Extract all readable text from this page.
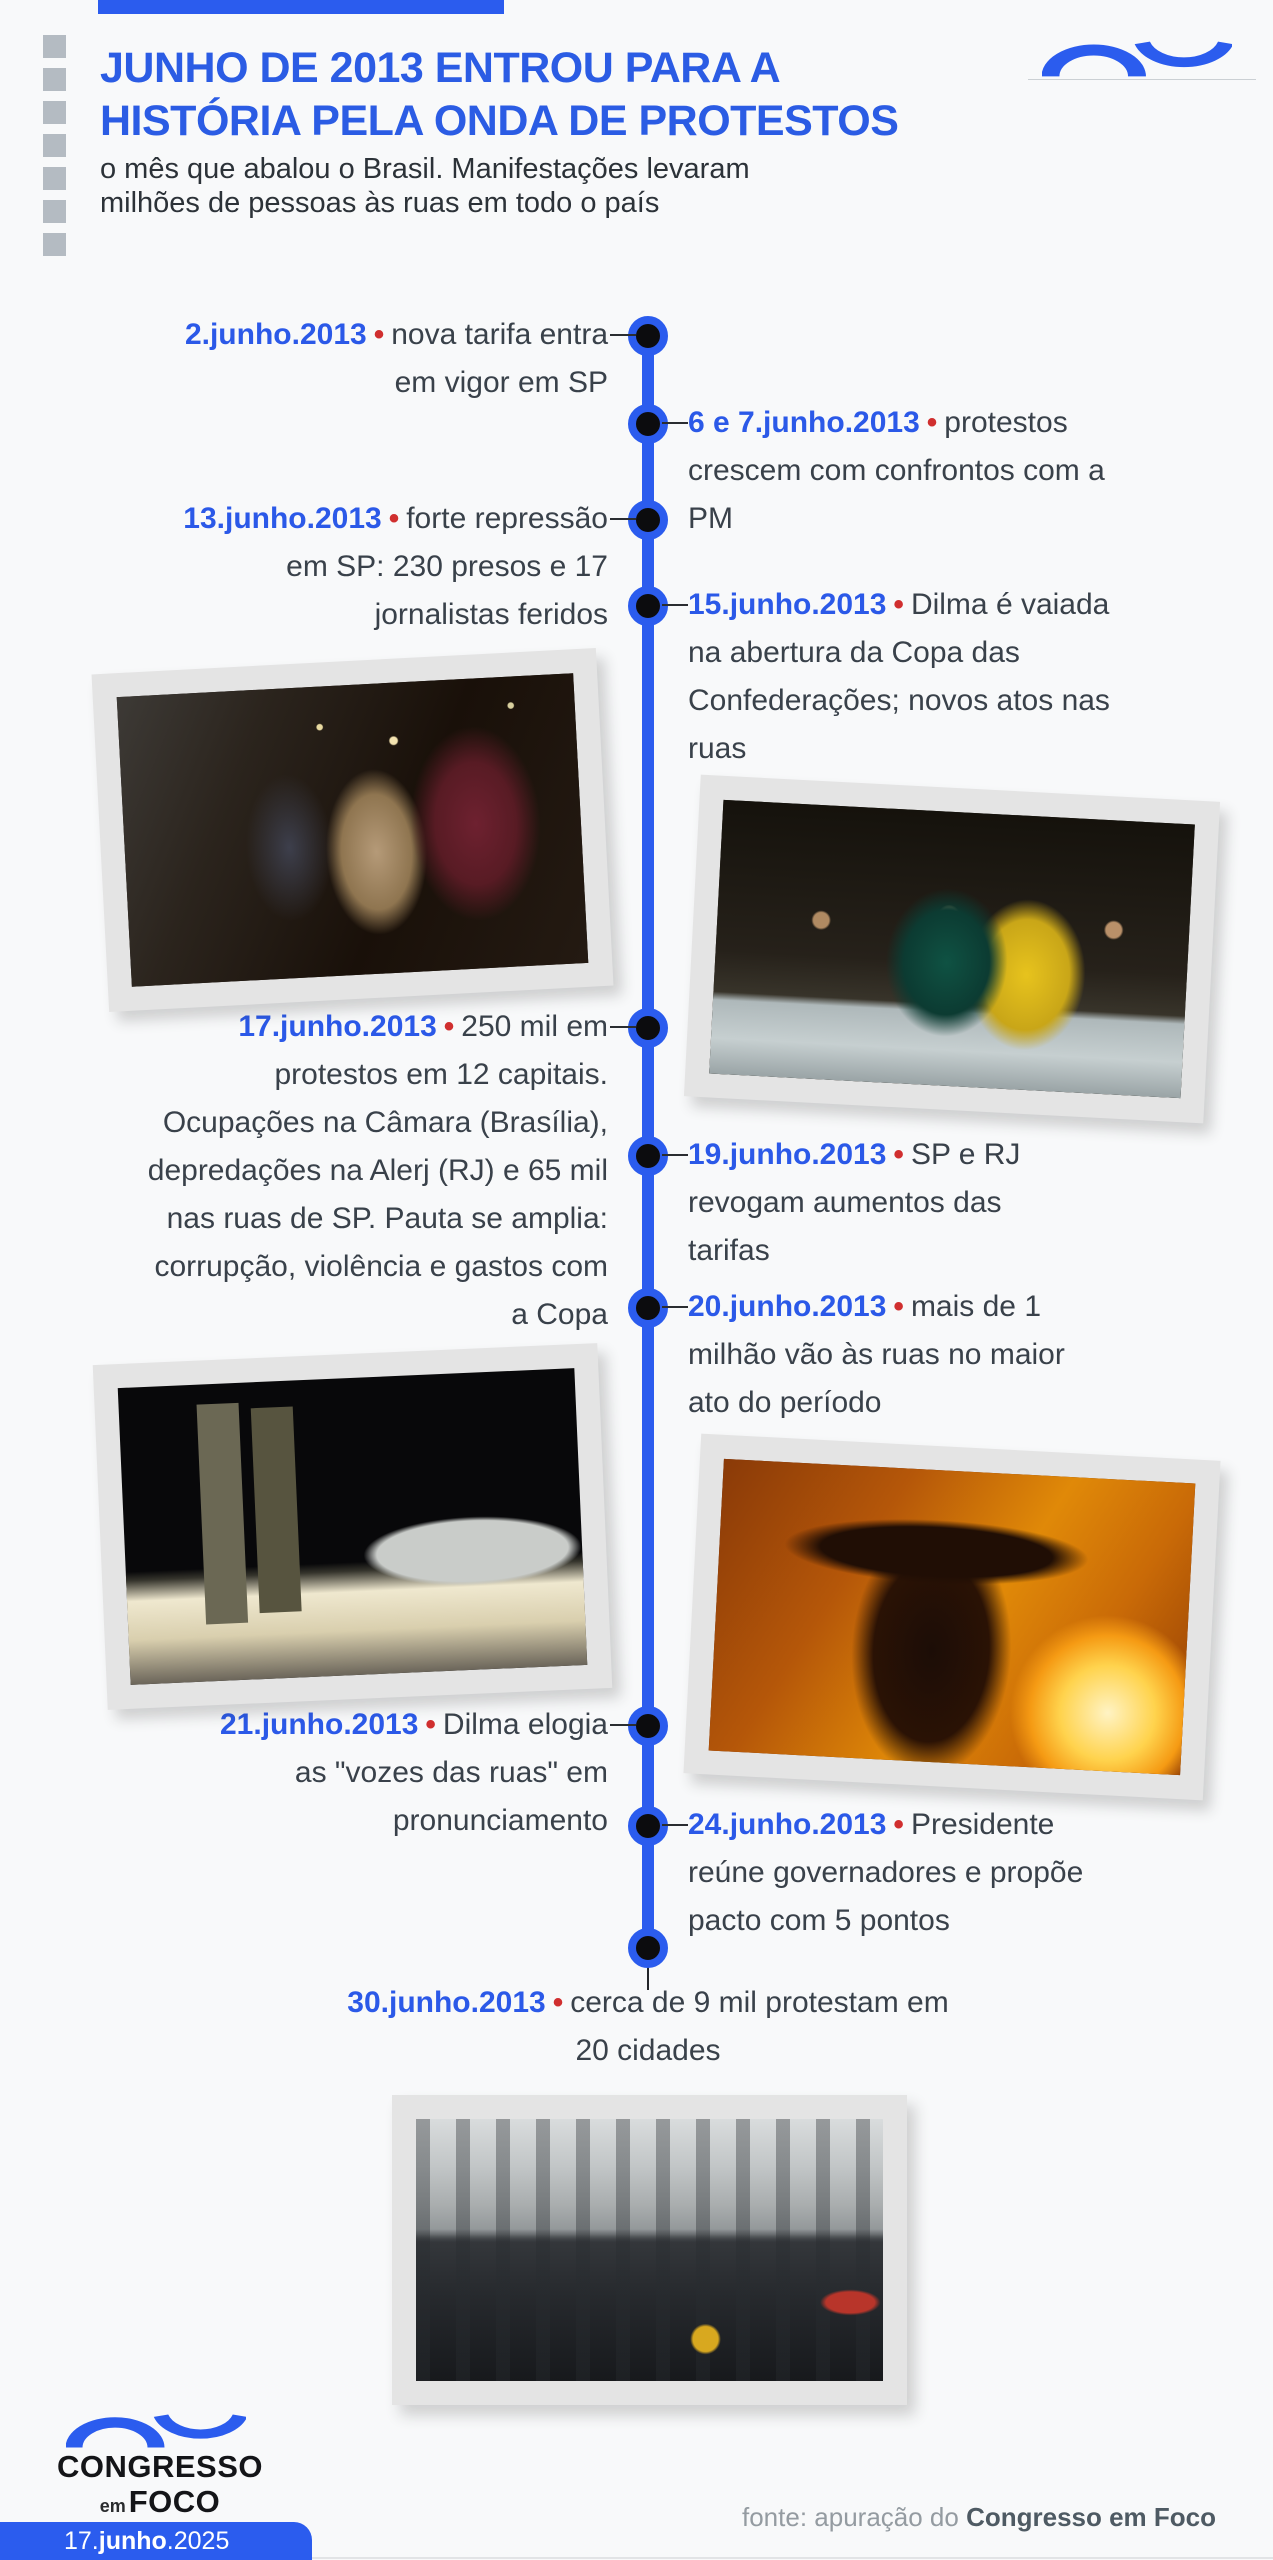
JUNHO DE 2013 ENTROU PARA A
HISTÓRIA PELA ONDA DE PROTESTOS
o mês que abalou o Brasil. Manifestações levaram
milhões de pessoas às ruas em todo o país
2.junho.2013 • nova tarifa entra em vigor em SP
6 e 7.junho.2013 • protestos crescem com confrontos com a PM
13.junho.2013 • forte repressão em SP: 230 presos e 17 jornalistas feridos	15.junho.2013 • Dilma é vaiada na abertura da Copa das Confederações; novos atos nas ruas
17.junho.2013 • 250 mil em protestos em 12 capitais. Ocupações na Câmara (Brasília), depredações na Alerj (RJ) e 65 mil nas ruas de SP. Pauta se amplia: corrupção, violência e gastos com a Copa
19.junho.2013 • SP e RJ revogam aumentos das tarifas
20.junho.2013 • mais de 1 milhão vão às ruas no maior ato do período
21.junho.2013 • Dilma elogia as "vozes das ruas" em pronunciamento	24.junho.2013 • Presidente reúne governadores e propõe pacto com 5 pontos
30.junho.2013 • cerca de 9 mil protestam em 20 cidades
CONGRESSO
em FOCO	fonte: apuração do Congresso em Foco
17.junho.2025
